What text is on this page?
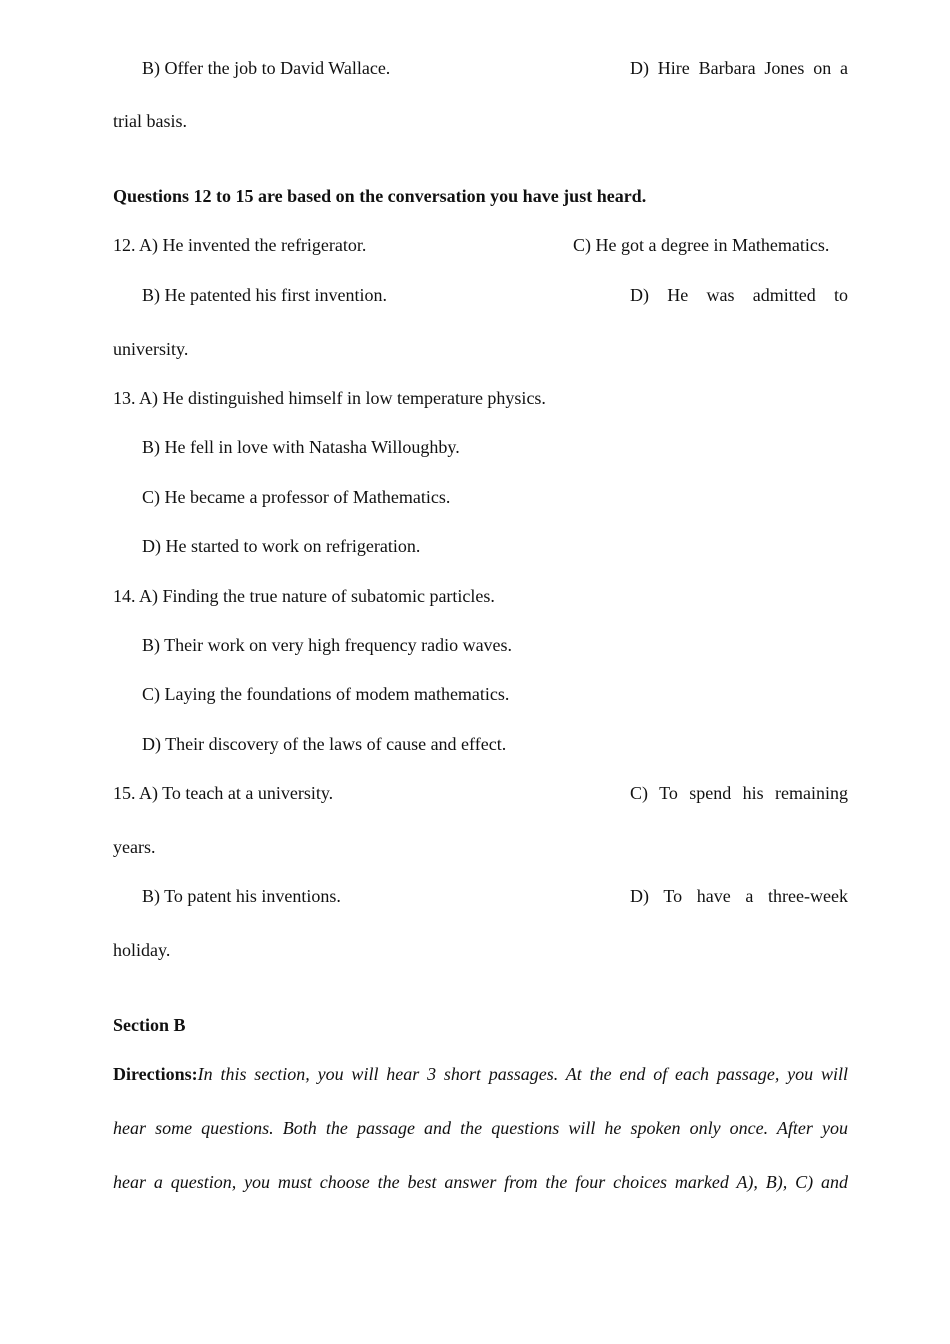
B) Offer the job to David Wallace.	D) Hire Barbara Jones on a
trial basis.
Questions 12 to 15 are based on the conversation you have just heard.
12. A) He invented the refrigerator.	C) He got a degree in Mathematics.
B) He patented his first invention.	D) He was admitted to
university.
13. A) He distinguished himself in low temperature physics.
B) He fell in love with Natasha Willoughby.
C) He became a professor of Mathematics.
D) He started to work on refrigeration.
14. A) Finding the true nature of subatomic particles.
B) Their work on very high frequency radio waves.
C) Laying the foundations of modem mathematics.
D) Their discovery of the laws of cause and effect.
15. A) To teach at a university.	C) To spend his remaining
years.
B) To patent his inventions.	D) To have a three-week
holiday.
Section B
Directions:In this section, you will hear 3 short passages. At the end of each passage, you will
hear some questions. Both the passage and the questions will he spoken only once. After you
hear a question, you must choose the best answer from the four choices marked A), B), C) and
